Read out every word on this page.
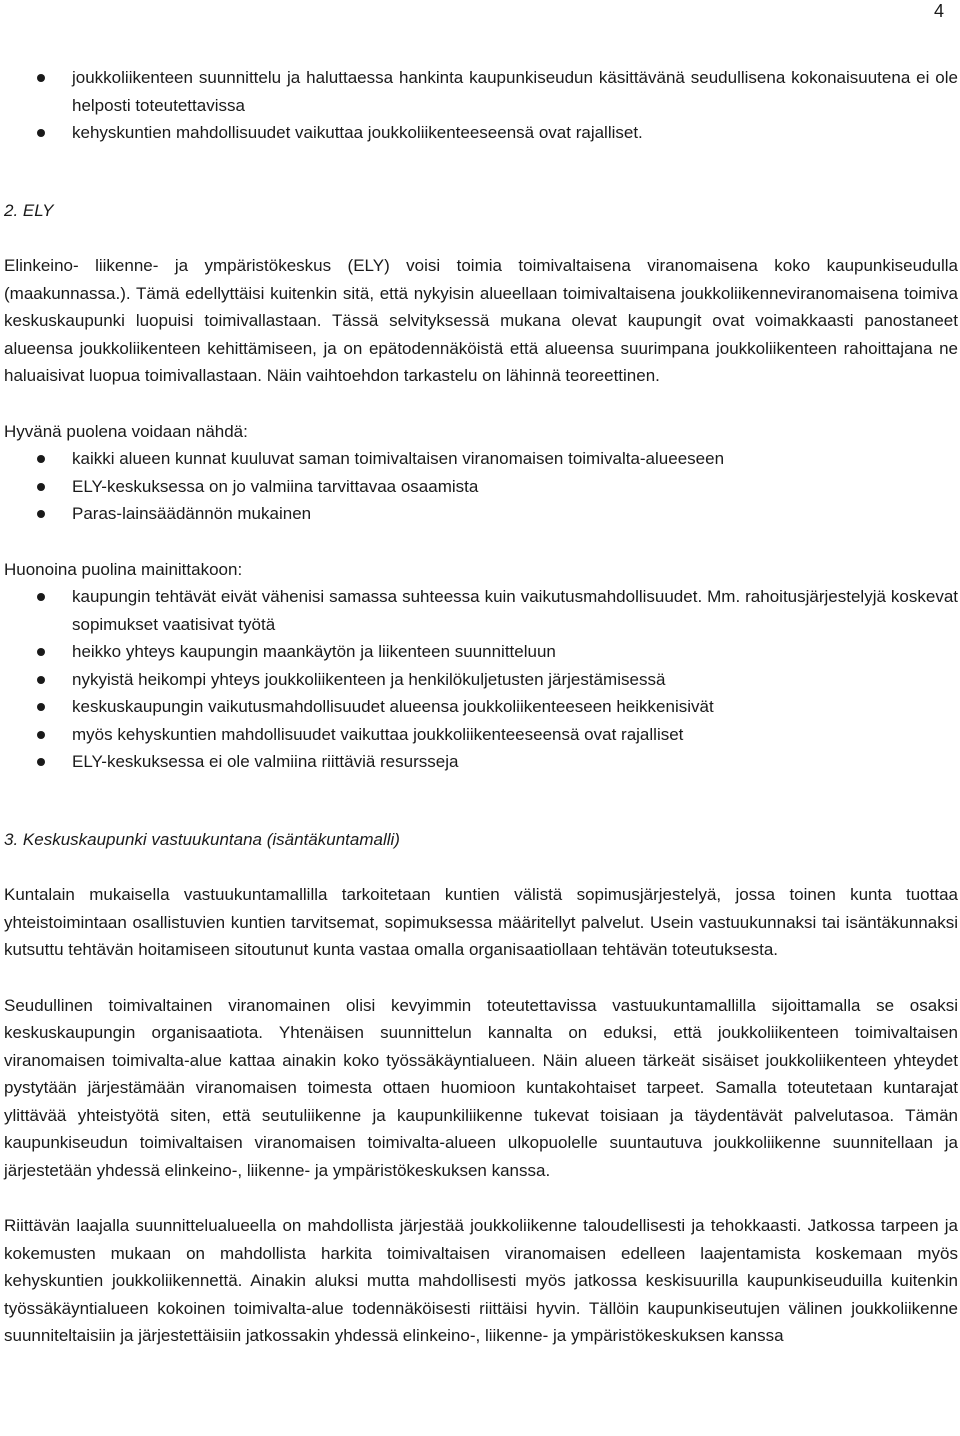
4
joukkoliikenteen suunnittelu ja haluttaessa hankinta kaupunkiseudun käsittävänä seudullisena kokonaisuutena ei ole helposti toteutettavissa
kehyskuntien mahdollisuudet vaikuttaa joukkoliikenteeseensä ovat rajalliset.
2. ELY

Elinkeino- liikenne- ja ympäristökeskus (ELY) voisi toimia toimivaltaisena viranomaisena koko kaupunkiseudulla (maakunnassa.). Tämä edellyttäisi kuitenkin sitä, että nykyisin alueellaan toimivaltaisena joukkoliikenneviranomaisena toimiva keskuskaupunki luopuisi toimivallastaan. Tässä selvityksessä mukana olevat kaupungit ovat voimakkaasti panostaneet alueensa joukkoliikenteen kehittämiseen, ja on epätodennäköistä että alueensa suurimpana joukkoliikenteen rahoittajana ne haluaisivat luopua toimivallastaan. Näin vaihtoehdon tarkastelu on lähinnä teoreettinen.

Hyvänä puolena voidaan nähdä:

kaikki alueen kunnat kuuluvat saman toimivaltaisen viranomaisen toimivalta-alueeseen
ELY-keskuksessa on jo valmiina tarvittavaa osaamista
Paras-lainsäädännön mukainen

Huonoina puolina mainittakoon:

kaupungin tehtävät eivät vähenisi samassa suhteessa kuin vaikutusmahdollisuudet. Mm. rahoitusjärjestelyjä koskevat sopimukset vaatisivat työtä
heikko yhteys kaupungin maankäytön ja liikenteen suunnitteluun
nykyistä heikompi yhteys joukkoliikenteen ja henkilökuljetusten järjestämisessä
keskuskaupungin vaikutusmahdollisuudet alueensa joukkoliikenteeseen heikkenisivät
myös kehyskuntien mahdollisuudet vaikuttaa joukkoliikenteeseensä ovat rajalliset
ELY-keskuksessa ei ole valmiina riittäviä resursseja
3. Keskuskaupunki vastuukuntana (isäntäkuntamalli)

Kuntalain mukaisella vastuukuntamallilla tarkoitetaan kuntien välistä sopimusjärjestelyä, jossa toinen kunta tuottaa yhteistoimintaan osallistuvien kuntien tarvitsemat, sopimuksessa määritellyt palvelut. Usein vastuukunnaksi tai isäntäkunnaksi kutsuttu tehtävän hoitamiseen sitoutunut kunta vastaa omalla organisaatiollaan tehtävän toteutuksesta.

Seudullinen toimivaltainen viranomainen olisi kevyimmin toteutettavissa vastuukuntamallilla sijoittamalla se osaksi keskuskaupungin organisaatiota. Yhtenäisen suunnittelun kannalta on eduksi, että joukkoliikenteen toimivaltaisen viranomaisen toimivalta-alue kattaa ainakin koko työssäkäyntialueen. Näin alueen tärkeät sisäiset joukkoliikenteen yhteydet pystytään järjestämään viranomaisen toimesta ottaen huomioon kuntakohtaiset tarpeet. Samalla toteutetaan kuntarajat ylittävää yhteistyötä siten, että seutuliikenne ja kaupunkiliikenne tukevat toisiaan ja täydentävät palvelutasoa. Tämän kaupunkiseudun toimivaltaisen viranomaisen toimivalta-alueen ulkopuolelle suuntautuva joukkoliikenne suunnitellaan ja järjestetään yhdessä elinkeino-, liikenne- ja ympäristökeskuksen kanssa.

Riittävän laajalla suunnittelualueella on mahdollista järjestää joukkoliikenne taloudellisesti ja tehokkaasti. Jatkossa tarpeen ja kokemusten mukaan on mahdollista harkita toimivaltaisen viranomaisen edelleen laajentamista koskemaan myös kehyskuntien joukkoliikennettä. Ainakin aluksi mutta mahdollisesti myös jatkossa keskisuurilla kaupunkiseuduilla kuitenkin työssäkäyntialueen kokoinen toimivalta-alue todennäköisesti riittäisi hyvin. Tällöin kaupunkiseutujen välinen joukkoliikenne suunniteltaisiin ja järjestettäisiin jatkossakin yhdessä elinkeino-, liikenne- ja ympäristökeskuksen kanssa
